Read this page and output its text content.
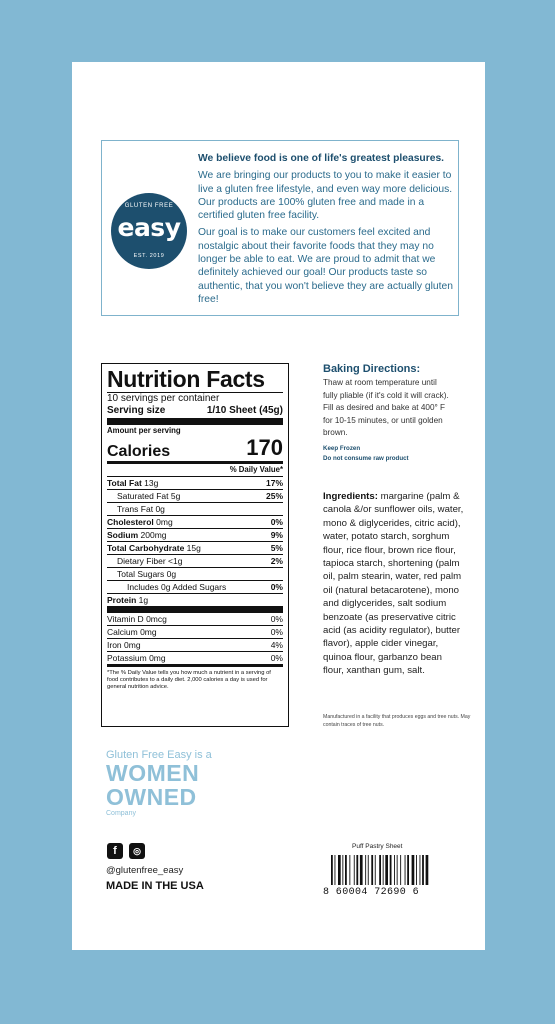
GLUTEN FREE
easy
EST. 2019
We believe food is one of life's greatest pleasures.

We are bringing our products to you to make it easier to live a gluten free lifestyle, and even way more delicious. Our products are 100% gluten free and made in a certified gluten free facility.

Our goal is to make our customers feel excited and nostalgic about their favorite foods that they may no longer be able to eat. We are proud to admit that we definitely achieved our goal! Our products taste so authentic, that you won't believe they are actually gluten free!

Nutrition Facts
10 servings per container
Serving size	1/10 Sheet (45g)
Amount per serving
Calories	170
% Daily Value*
Total Fat 13g	17%
Saturated Fat 5g	25%
Trans Fat 0g
Cholesterol 0mg	0%
Sodium 200mg	9%
Total Carbohydrate 15g	5%
Dietary Fiber <1g	2%
Total Sugars 0g
Includes 0g Added Sugars	0%
Protein 1g
Vitamin D 0mcg	0%
Calcium 0mg	0%
Iron 0mg	4%
Potassium 0mg	0%
*The % Daily Value tells you how much a nutrient in a serving of food contributes to a daily diet. 2,000 calories a day is used for general nutrition advice.
Baking Directions:
Thaw at room temperature until fully pliable (if it's cold it will crack). Fill as desired and bake at 400° F for 10-15 minutes, or until golden brown.
Keep Frozen
Do not consume raw product
Ingredients: margarine (palm & canola &/or sunflower oils, water, mono & diglycerides, citric acid), water, potato starch, sorghum flour, rice flour, brown rice flour, tapioca starch, shortening (palm oil, palm stearin, water, red palm oil (natural betacarotene), mono and diglycerides, salt sodium benzoate (as preservative citric acid (as acidity regulator), butter flavor), apple cider vinegar, quinoa flour, garbanzo bean flour, xanthan gum, salt.
Manufactured in a facility that produces eggs and tree nuts. May contain traces of tree nuts.
Gluten Free Easy is a
WOMEN
OWNED
Company
f	◎
@glutenfree_easy
MADE IN THE USA
Puff Pastry Sheet
8 60004 72690 6
